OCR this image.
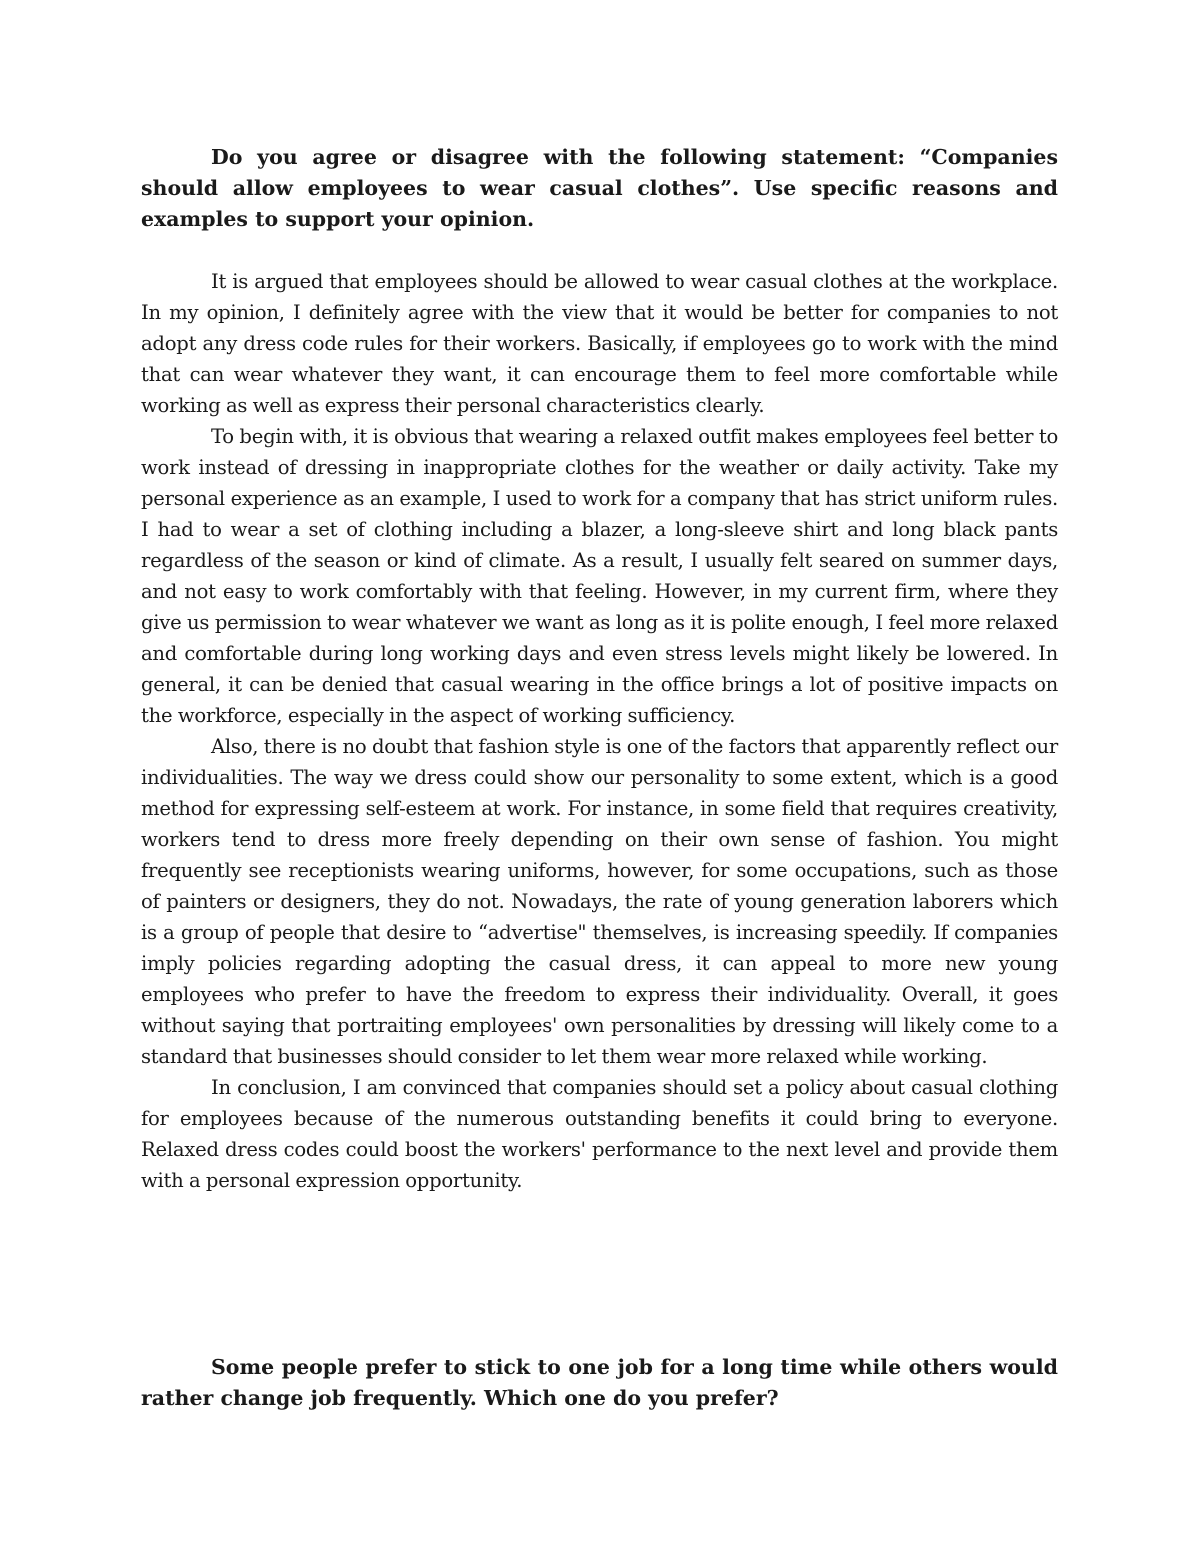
Do you agree or disagree with the following statement: “Companies should allow employees to wear casual clothes”. Use specific reasons and examples to support your opinion.

It is argued that employees should be allowed to wear casual clothes at the workplace. In my opinion, I definitely agree with the view that it would be better for companies to not adopt any dress code rules for their workers. Basically, if employees go to work with the mind that can wear whatever they want, it can encourage them to feel more comfortable while working as well as express their personal characteristics clearly.

To begin with, it is obvious that wearing a relaxed outfit makes employees feel better to work instead of dressing in inappropriate clothes for the weather or daily activity. Take my personal experience as an example, I used to work for a company that has strict uniform rules. I had to wear a set of clothing including a blazer, a long-sleeve shirt and long black pants regardless of the season or kind of climate. As a result, I usually felt seared on summer days, and not easy to work comfortably with that feeling. However, in my current firm, where they give us permission to wear whatever we want as long as it is polite enough, I feel more relaxed and comfortable during long working days and even stress levels might likely be lowered. In general, it can be denied that casual wearing in the office brings a lot of positive impacts on the workforce, especially in the aspect of working sufficiency.

Also, there is no doubt that fashion style is one of the factors that apparently reflect our individualities. The way we dress could show our personality to some extent, which is a good method for expressing self-esteem at work. For instance, in some field that requires creativity, workers tend to dress more freely depending on their own sense of fashion. You might frequently see receptionists wearing uniforms, however, for some occupations, such as those of painters or designers, they do not. Nowadays, the rate of young generation laborers which is a group of people that desire to “advertise" themselves, is increasing speedily. If companies imply policies regarding adopting the casual dress, it can appeal to more new young employees who prefer to have the freedom to express their individuality. Overall, it goes without saying that portraiting employees' own personalities by dressing will likely come to a standard that businesses should consider to let them wear more relaxed while working.

In conclusion, I am convinced that companies should set a policy about casual clothing for employees because of the numerous outstanding benefits it could bring to everyone. Relaxed dress codes could boost the workers' performance to the next level and provide them with a personal expression opportunity.

Some people prefer to stick to one job for a long time while others would rather change job frequently. Which one do you prefer?
